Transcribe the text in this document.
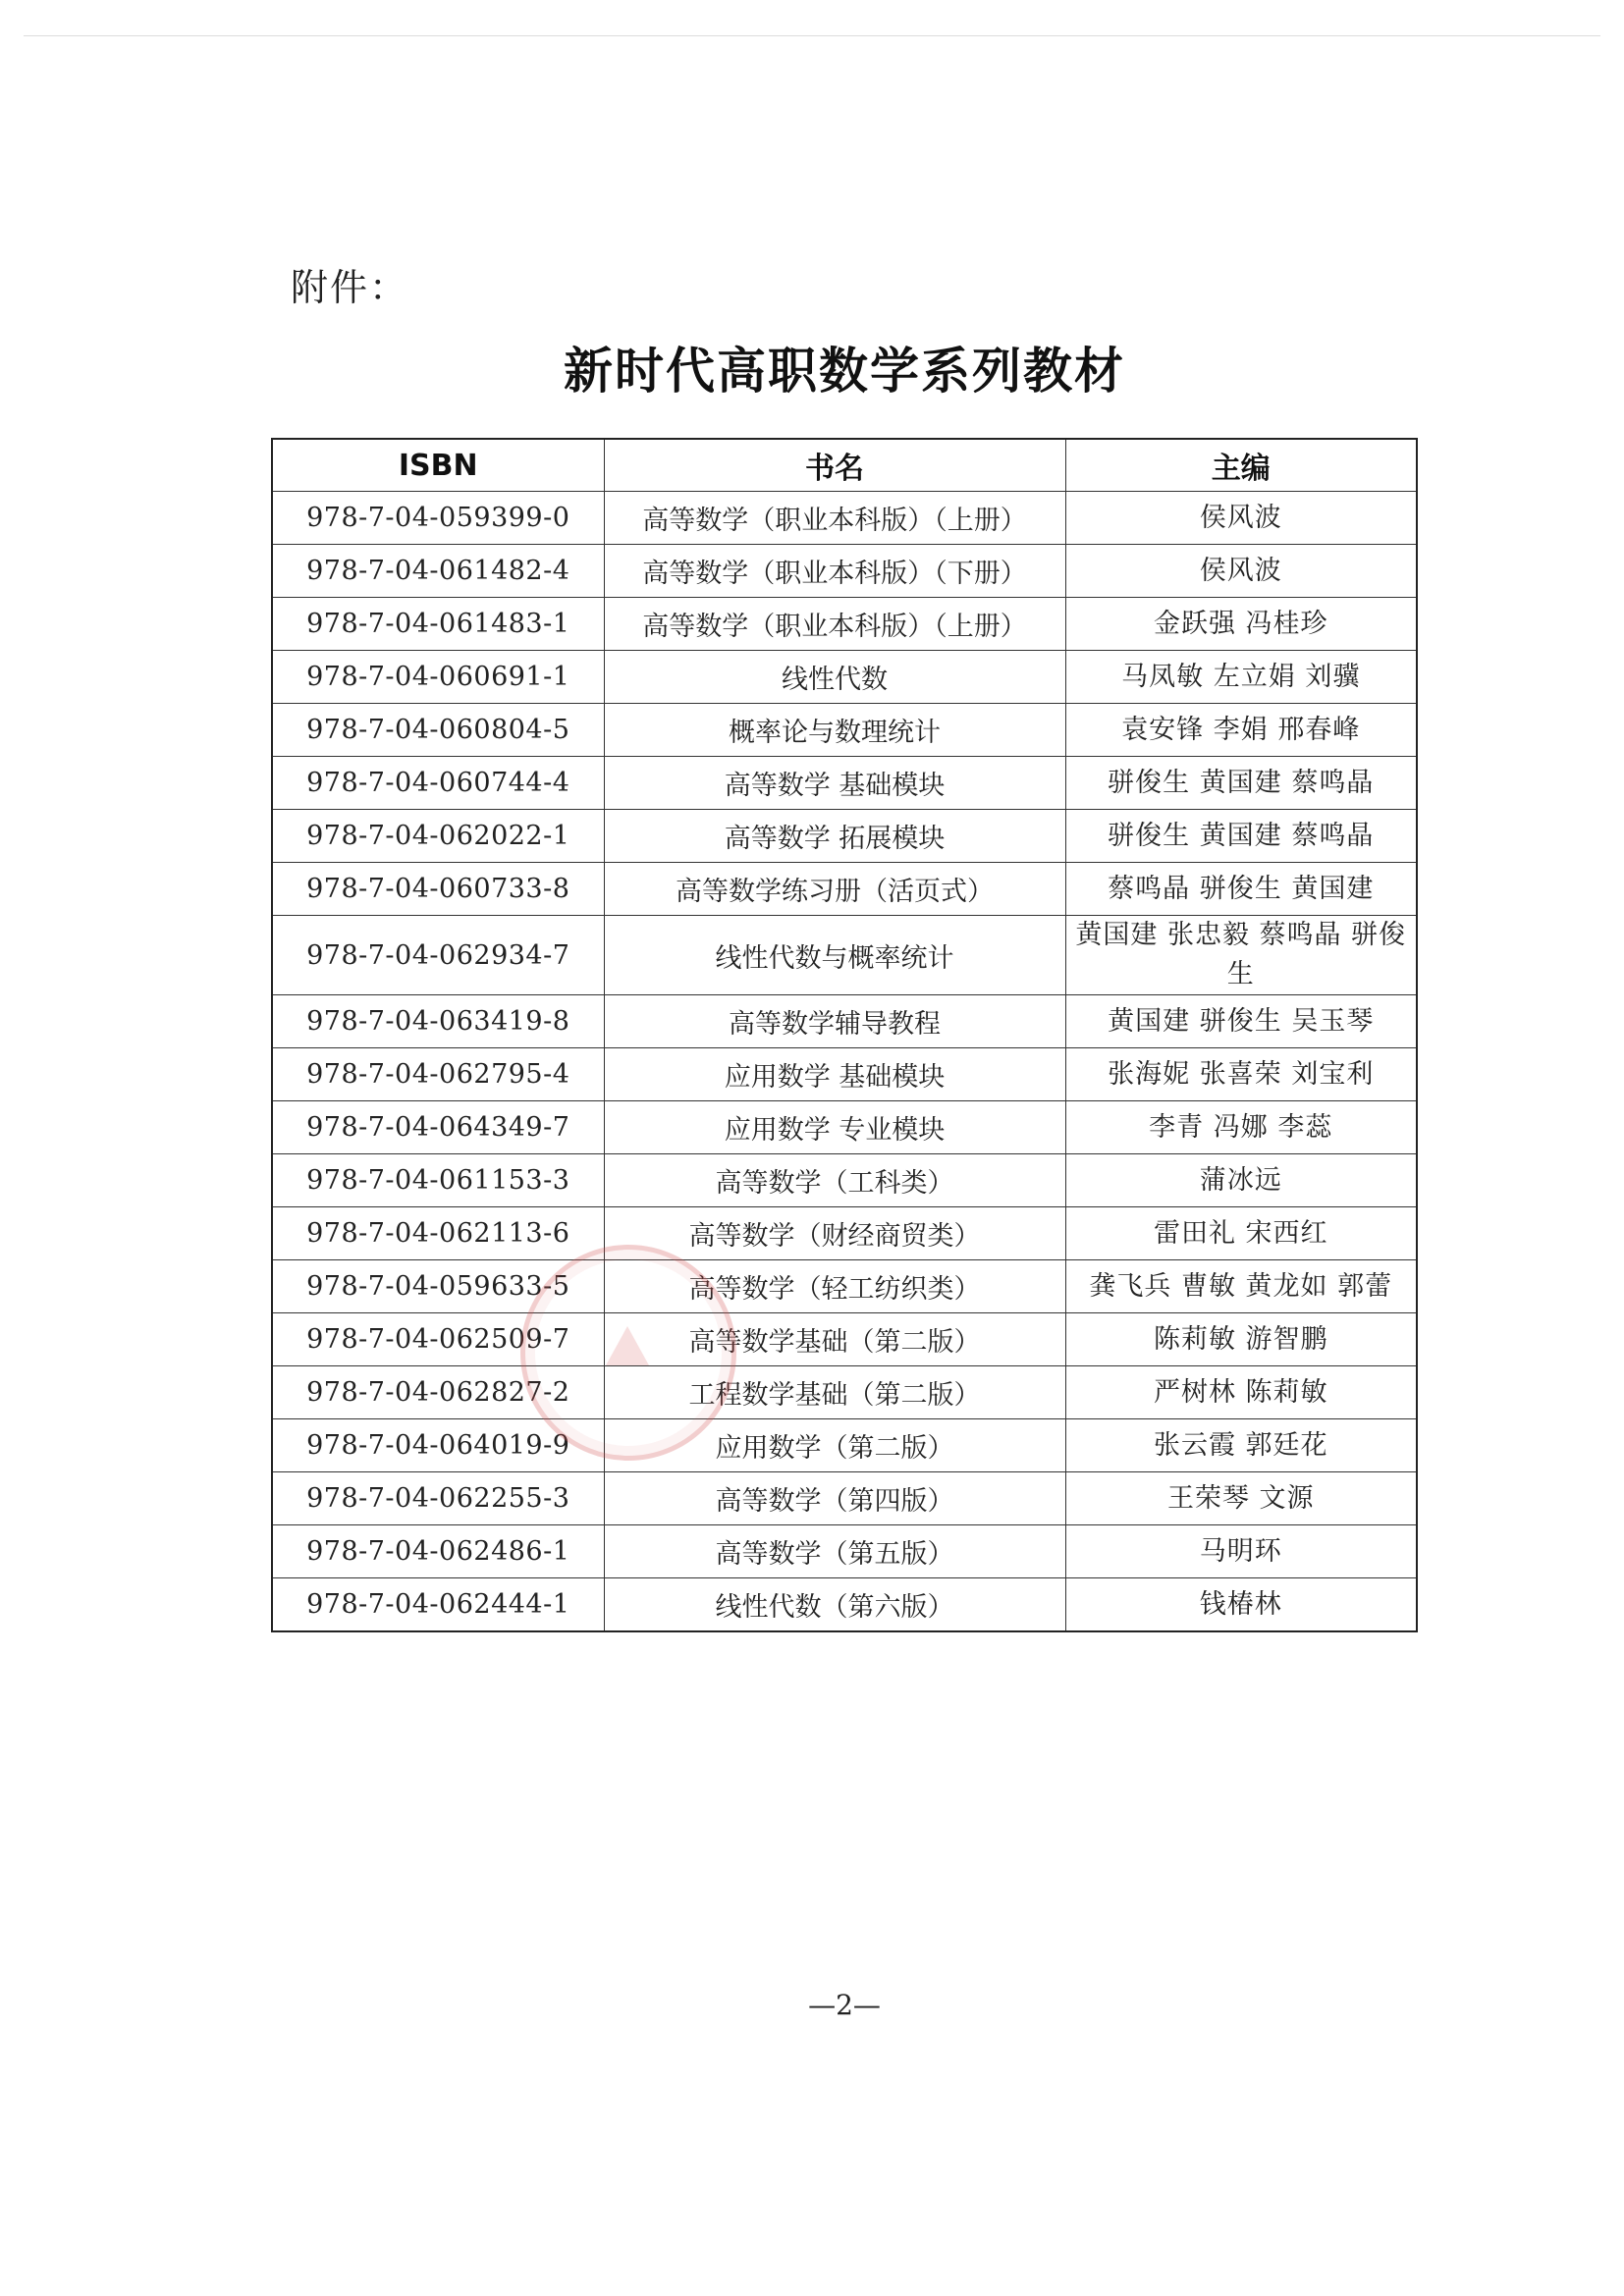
附件：
新时代高职数学系列教材
ISBN	书名	主编
978-7-04-059399-0	高等数学（职业本科版）（上册）	侯风波
978-7-04-061482-4	高等数学（职业本科版）（下册）	侯风波
978-7-04-061483-1	高等数学（职业本科版）（上册）	金跃强 冯桂珍
978-7-04-060691-1	线性代数	马凤敏 左立娟 刘骥
978-7-04-060804-5	概率论与数理统计	袁安锋 李娟 邢春峰
978-7-04-060744-4	高等数学 基础模块	骈俊生 黄国建 蔡鸣晶
978-7-04-062022-1	高等数学 拓展模块	骈俊生 黄国建 蔡鸣晶
978-7-04-060733-8	高等数学练习册（活页式）	蔡鸣晶 骈俊生 黄国建
978-7-04-062934-7	线性代数与概率统计	黄国建 张忠毅 蔡鸣晶 骈俊生
978-7-04-063419-8	高等数学辅导教程	黄国建 骈俊生 吴玉琴
978-7-04-062795-4	应用数学 基础模块	张海妮 张喜荣 刘宝利
978-7-04-064349-7	应用数学 专业模块	李青 冯娜 李蕊
978-7-04-061153-3	高等数学（工科类）	蒲冰远
978-7-04-062113-6	高等数学（财经商贸类）	雷田礼 宋西红
978-7-04-059633-5	高等数学（轻工纺织类）	龚飞兵 曹敏 黄龙如 郭蕾
978-7-04-062509-7	高等数学基础（第二版）	陈莉敏 游智鹏
978-7-04-062827-2	工程数学基础（第二版）	严树林 陈莉敏
978-7-04-064019-9	应用数学（第二版）	张云霞 郭廷花
978-7-04-062255-3	高等数学（第四版）	王荣琴 文源
978-7-04-062486-1	高等数学（第五版）	马明环
978-7-04-062444-1	线性代数（第六版）	钱椿林
—2—
